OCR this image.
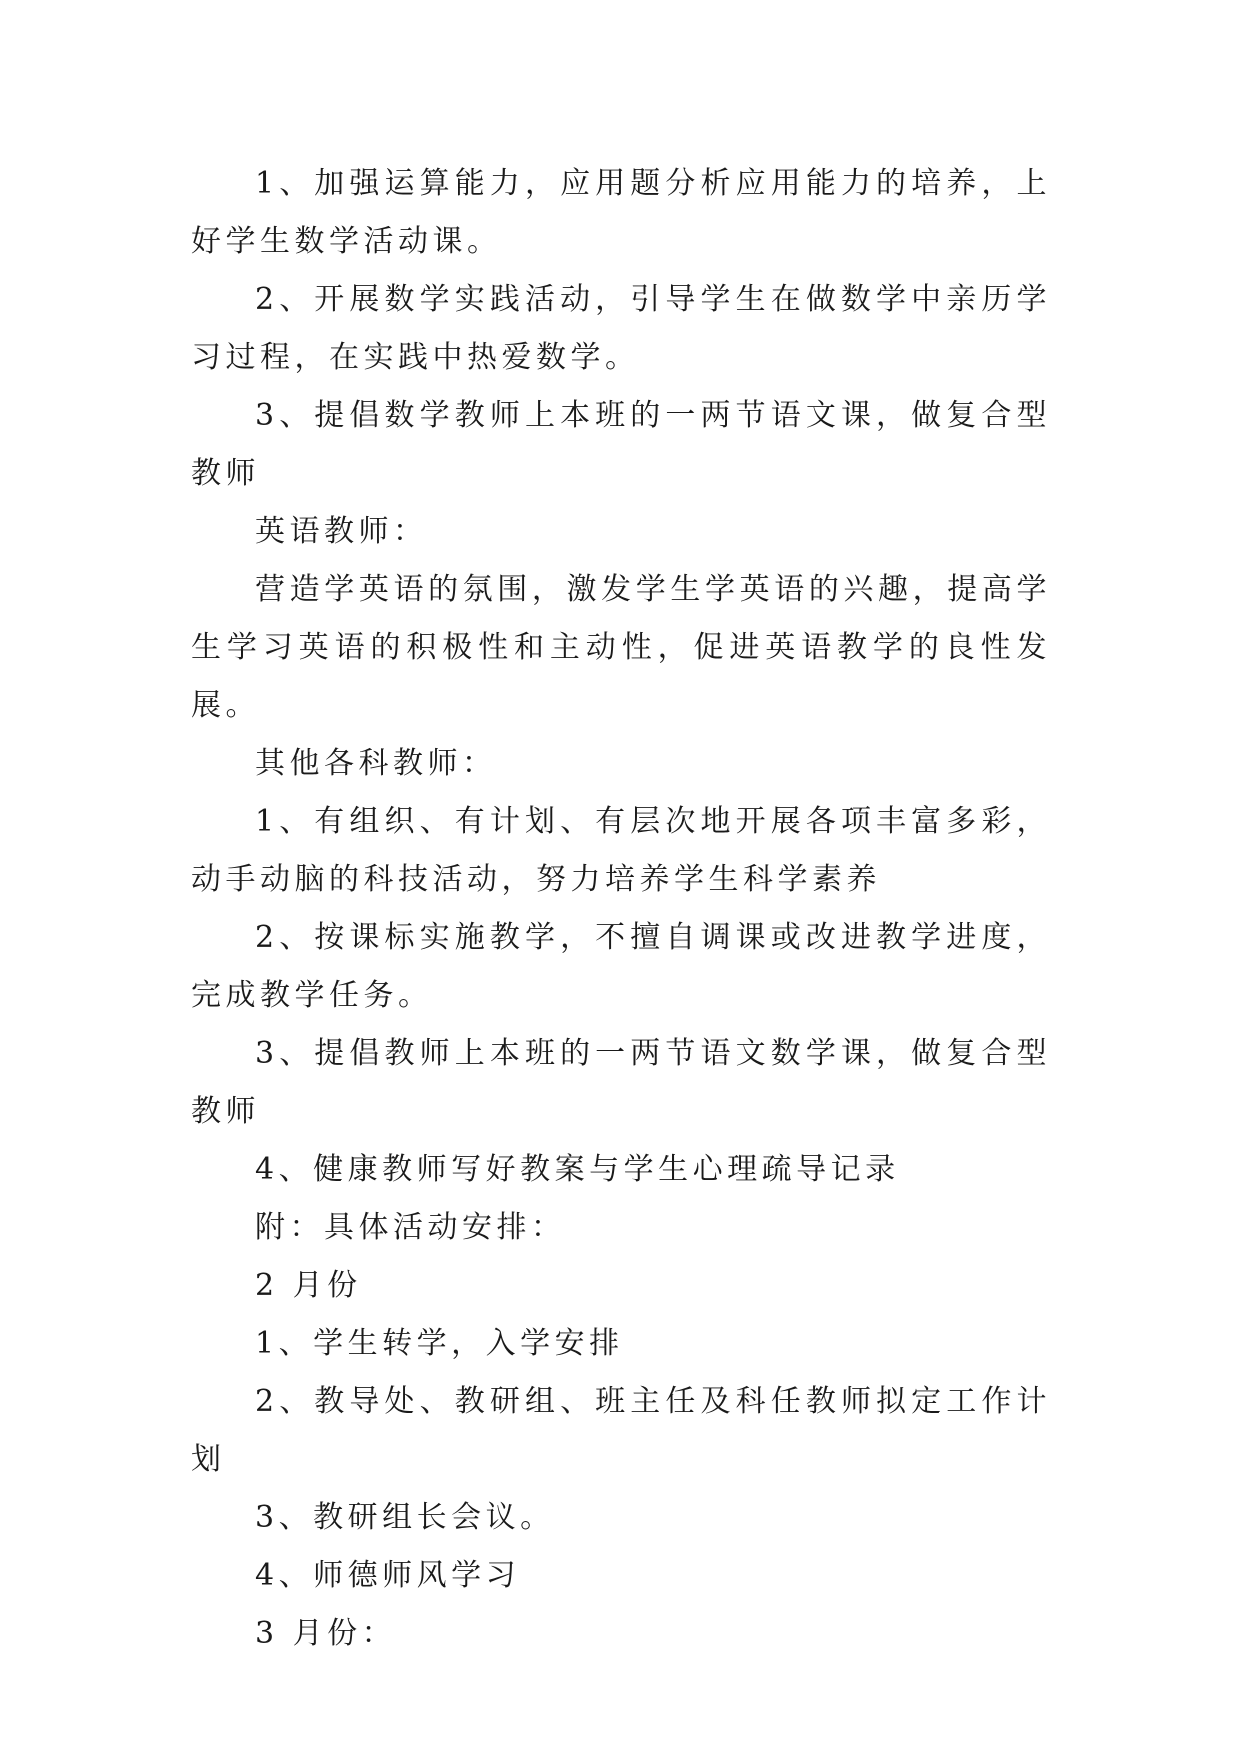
1、加强运算能力，应用题分析应用能力的培养，上好学生数学活动课。

2、开展数学实践活动，引导学生在做数学中亲历学习过程，在实践中热爱数学。

3、提倡数学教师上本班的一两节语文课，做复合型教师

英语教师：

营造学英语的氛围，激发学生学英语的兴趣，提高学生学习英语的积极性和主动性，促进英语教学的良性发展。

其他各科教师：

1、有组织、有计划、有层次地开展各项丰富多彩，动手动脑的科技活动，努力培养学生科学素养

2、按课标实施教学，不擅自调课或改进教学进度，完成教学任务。

3、提倡教师上本班的一两节语文数学课，做复合型教师

4、健康教师写好教案与学生心理疏导记录

附：具体活动安排：

2 月份

1、学生转学，入学安排

2、教导处、教研组、班主任及科任教师拟定工作计划

3、教研组长会议。

4、师德师风学习

3 月份：
